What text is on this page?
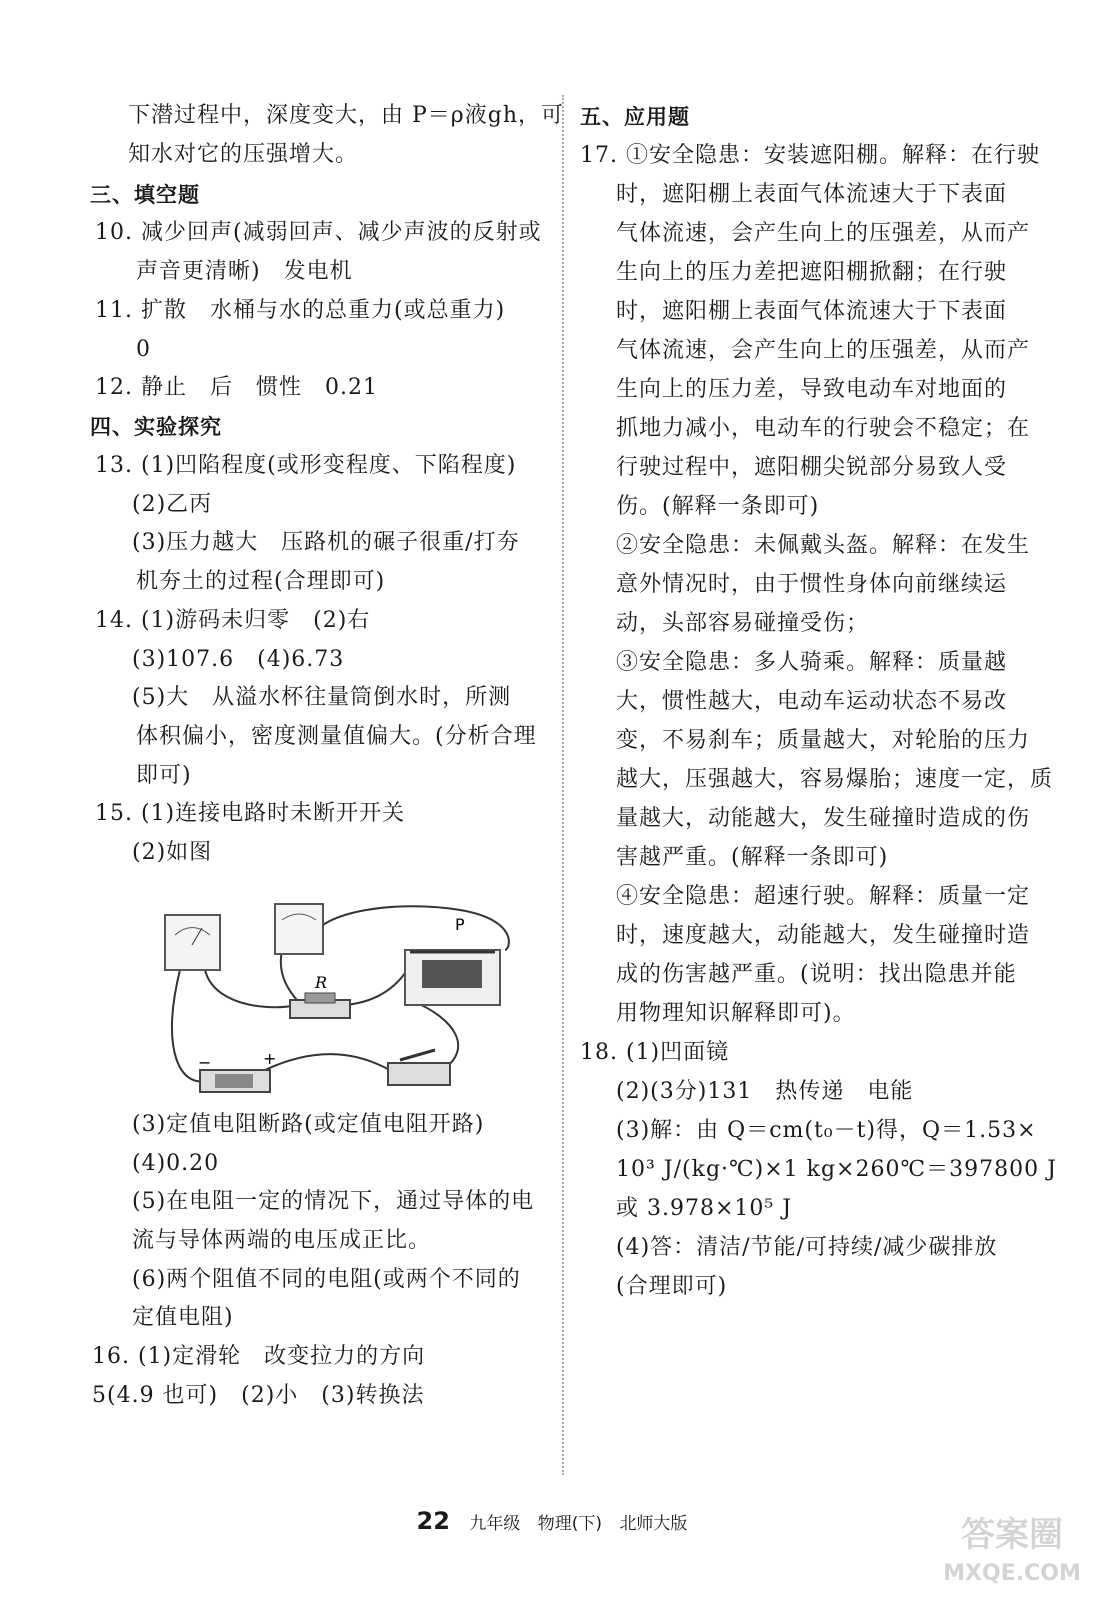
下潜过程中，深度变大，由 P＝ρ液gh，可
知水对它的压强增大。
三、填空题
10. 减少回声(减弱回声、减少声波的反射或
声音更清晰)　发电机
11. 扩散　水桶与水的总重力(或总重力)
0
12. 静止　后　惯性　0.21
四、实验探究
13. (1)凹陷程度(或形变程度、下陷程度)
(2)乙丙
(3)压力越大　压路机的碾子很重/打夯
机夯土的过程(合理即可)
14. (1)游码未归零　(2)右
(3)107.6　(4)6.73
(5)大　从溢水杯往量筒倒水时，所测
体积偏小，密度测量值偏大。(分析合理
即可)
15. (1)连接电路时未断开开关
(2)如图
R
P
−	+
(3)定值电阻断路(或定值电阻开路)
(4)0.20
(5)在电阻一定的情况下，通过导体的电
流与导体两端的电压成正比。
(6)两个阻值不同的电阻(或两个不同的
定值电阻)
16. (1)定滑轮　改变拉力的方向
5(4.9 也可)　(2)小　(3)转换法
五、应用题
17. ①安全隐患：安装遮阳棚。解释：在行驶
时，遮阳棚上表面气体流速大于下表面
气体流速，会产生向上的压强差，从而产
生向上的压力差把遮阳棚掀翻；在行驶
时，遮阳棚上表面气体流速大于下表面
气体流速，会产生向上的压强差，从而产
生向上的压力差，导致电动车对地面的
抓地力减小，电动车的行驶会不稳定；在
行驶过程中，遮阳棚尖锐部分易致人受
伤。(解释一条即可)
②安全隐患：未佩戴头盔。解释：在发生
意外情况时，由于惯性身体向前继续运
动，头部容易碰撞受伤；
③安全隐患：多人骑乘。解释：质量越
大，惯性越大，电动车运动状态不易改
变，不易刹车；质量越大，对轮胎的压力
越大，压强越大，容易爆胎；速度一定，质
量越大，动能越大，发生碰撞时造成的伤
害越严重。(解释一条即可)
④安全隐患：超速行驶。解释：质量一定
时，速度越大，动能越大，发生碰撞时造
成的伤害越严重。(说明：找出隐患并能
用物理知识解释即可)。
18. (1)凹面镜
(2)(3分)131　热传递　电能
(3)解：由 Q＝cm(t₀－t)得，Q＝1.53×
10³ J/(kg·℃)×1 kg×260℃＝397800 J
或 3.978×10⁵ J
(4)答：清洁/节能/可持续/减少碳排放
(合理即可)
22 九年级 物理(下) 北师大版	答案圈
MXQE.COM
